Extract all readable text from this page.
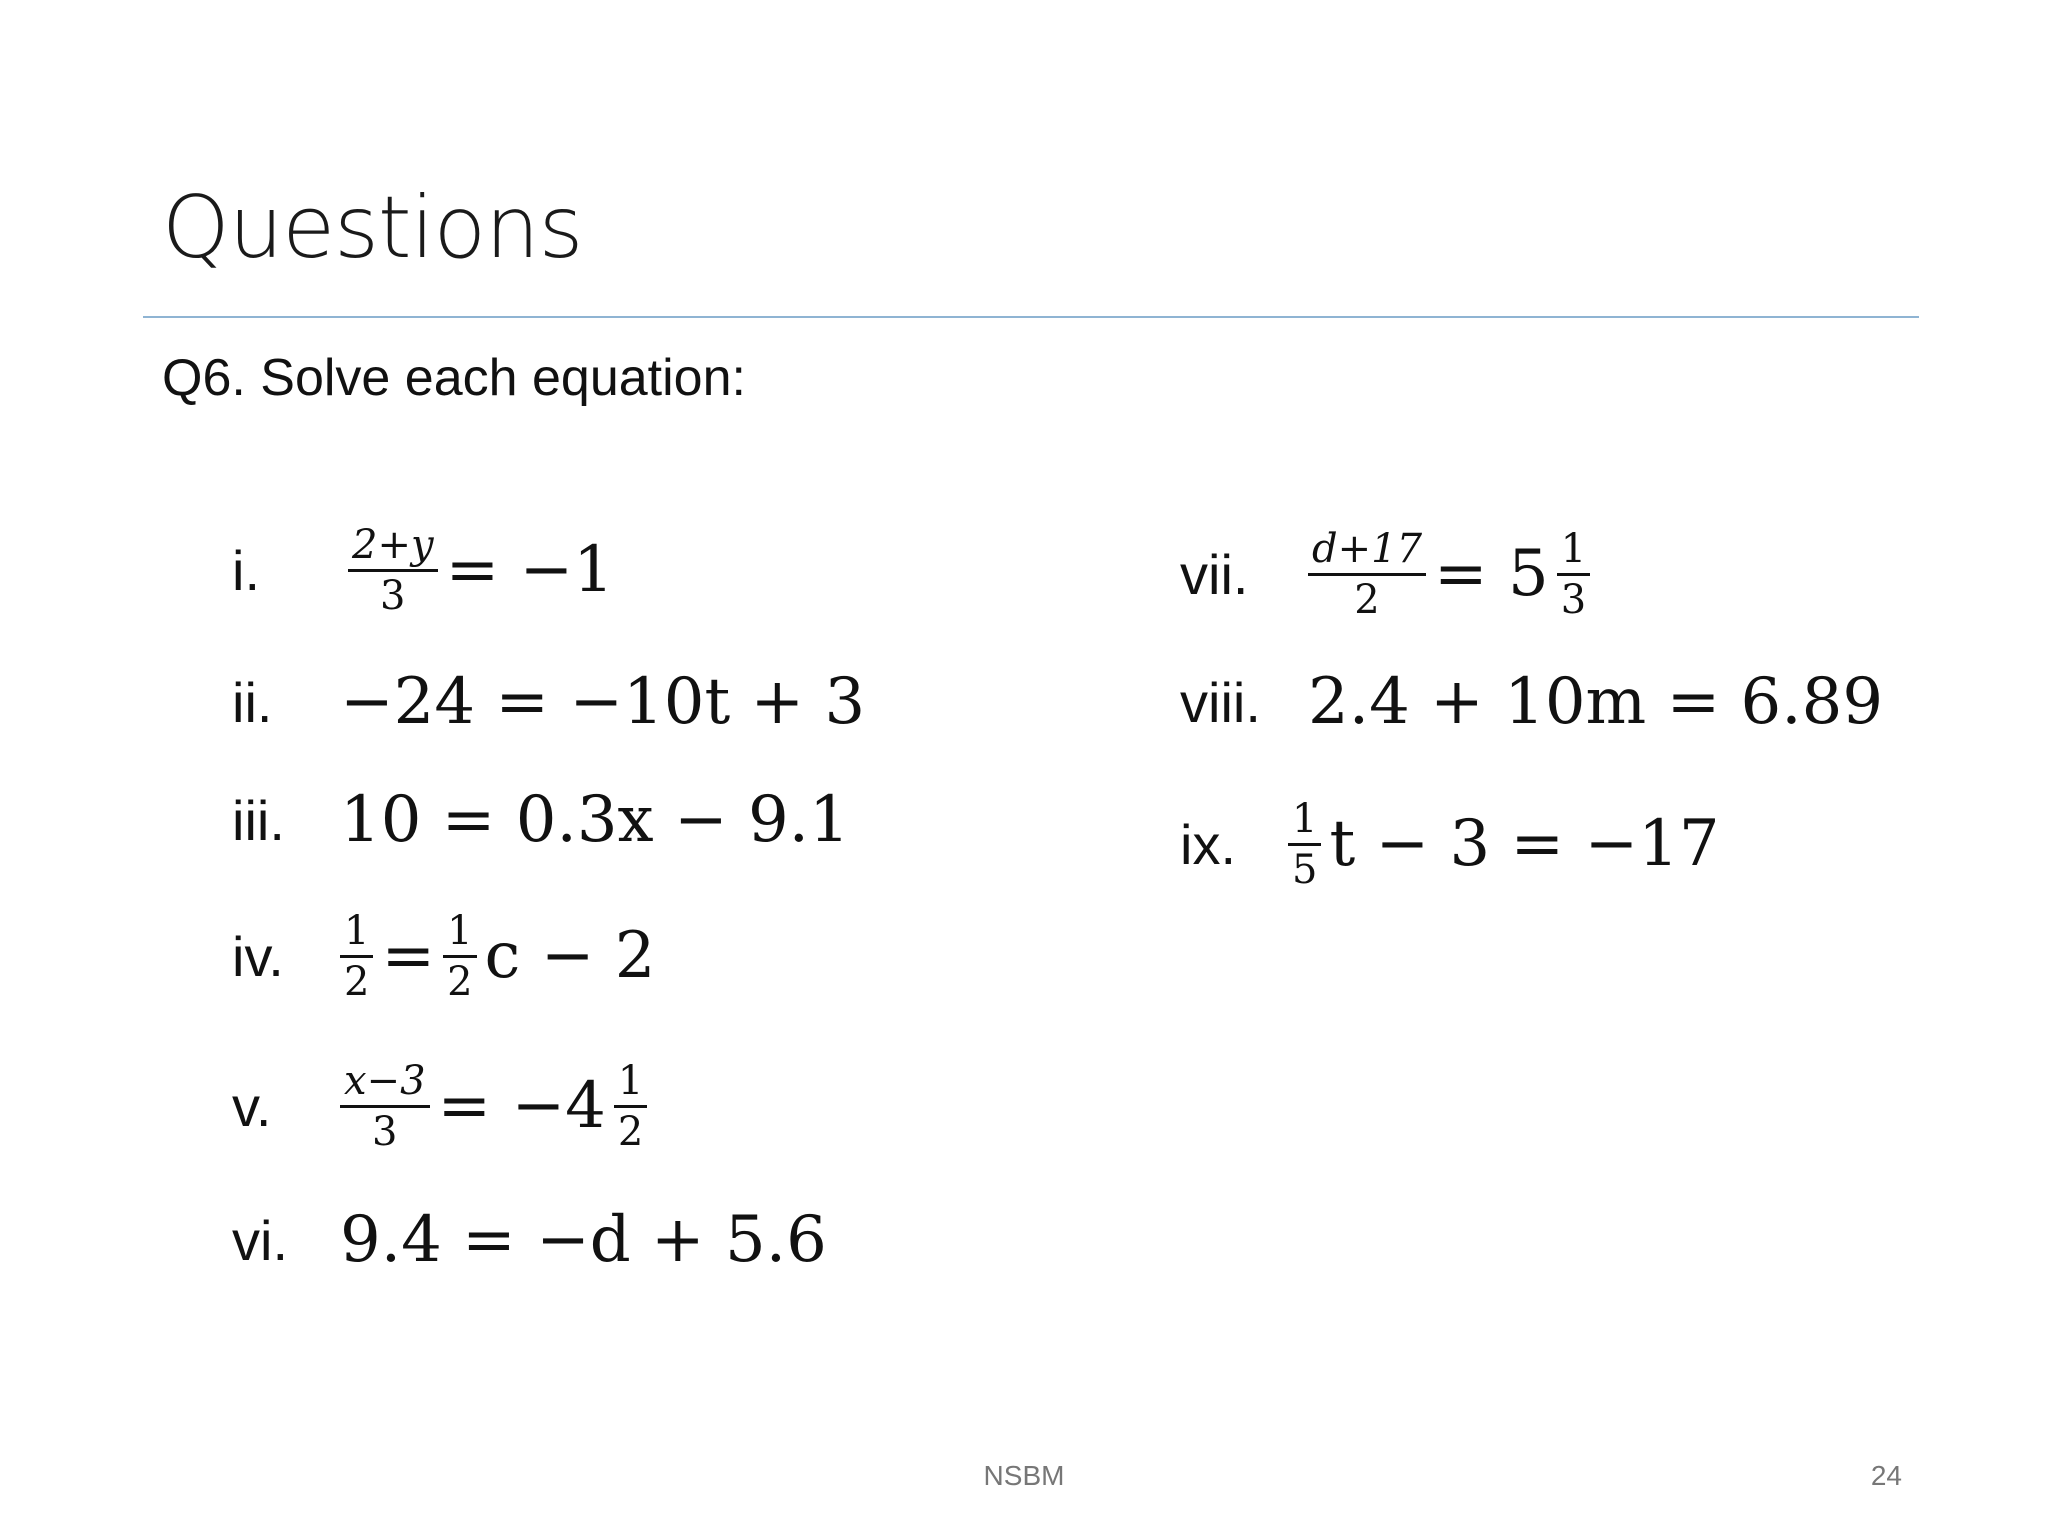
Questions
Q6. Solve each equation:
i.	$\frac{2+y}{3} = -1$
ii.	−24 = −10t + 3
iii. 10 = 0.3x − 9.1
iv.	$\frac{1}{2} = \frac{1}{2}$ c − 2
v.	$\frac{x-3}{3} = -4 \frac{1}{2}$
vi. 9.4 = −d + 5.6
vii.	$\frac{d+17}{2} = 5 \frac{1}{3}$
viii. 2.4 + 10m = 6.89
ix.	$\frac{1}{5}$ t − 3 = −17
NSBM	24
